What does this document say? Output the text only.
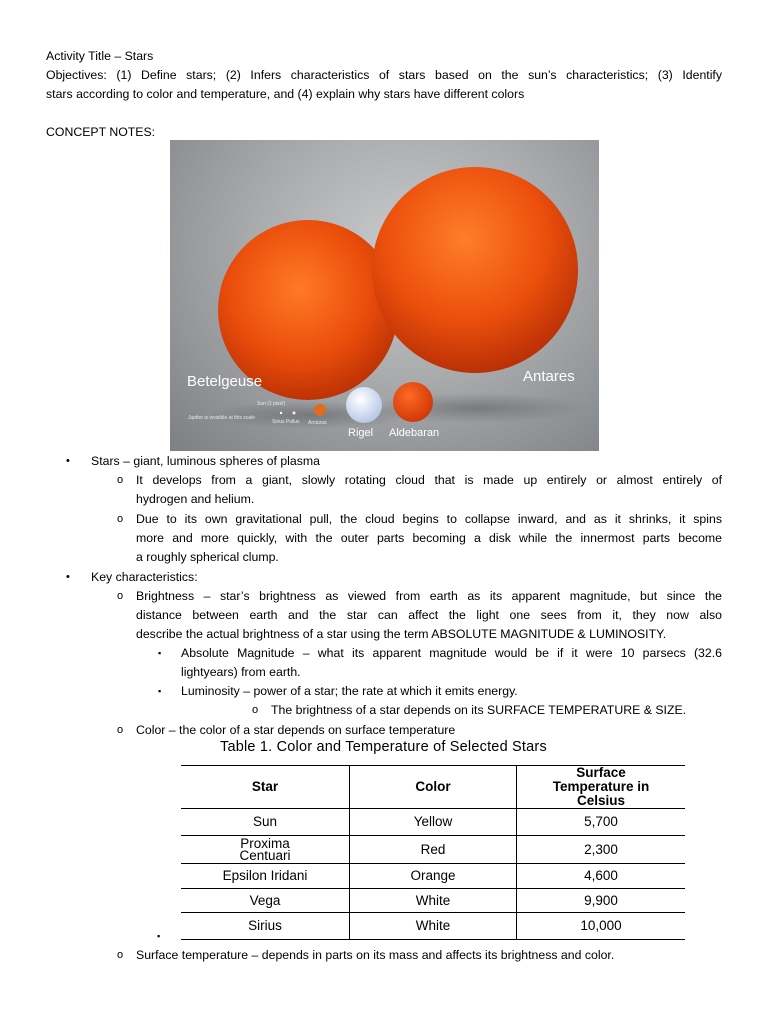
Activity Title – Stars
Objectives: (1) Define stars; (2) Infers characteristics of stars based on the sun’s characteristics; (3) Identify
stars according to color and temperature, and (4) explain why stars have different colors
CONCEPT NOTES:
Betelgeuse	Antares
Rigel Aldebaran
Arcturus
Sun (1 pixel)
Jupiter is invisible at this scale
Sirius Pollux
• Stars – giant, luminous spheres of plasma
o It develops from a giant, slowly rotating cloud that is made up entirely or almost entirely of
hydrogen and helium.
o Due to its own gravitational pull, the cloud begins to collapse inward, and as it shrinks, it spins
more and more quickly, with the outer parts becoming a disk while the innermost parts become
a roughly spherical clump.
• Key characteristics:
o Brightness – star’s brightness as viewed from earth as its apparent magnitude, but since the
distance between earth and the star can affect the light one sees from it, they now also
describe the actual brightness of a star using the term ABSOLUTE MAGNITUDE & LUMINOSITY.
▪ Absolute Magnitude – what its apparent magnitude would be if it were 10 parsecs (32.6
lightyears) from earth.
▪ Luminosity – power of a star; the rate at which it emits energy.
o The brightness of a star depends on its SURFACE TEMPERATURE & SIZE.
o Color – the color of a star depends on surface temperature
Table 1. Color and Temperature of Selected Stars
Star	Color	Surface
Temperature in
Celsius

Sun	Yellow	5,700

Proxima
Centuari	Red	2,300
Epsilon Iridani	Orange	4,600
Vega	White	9,900
Sirius	White	10,000
▪
o Surface temperature – depends in parts on its mass and affects its brightness and color.
